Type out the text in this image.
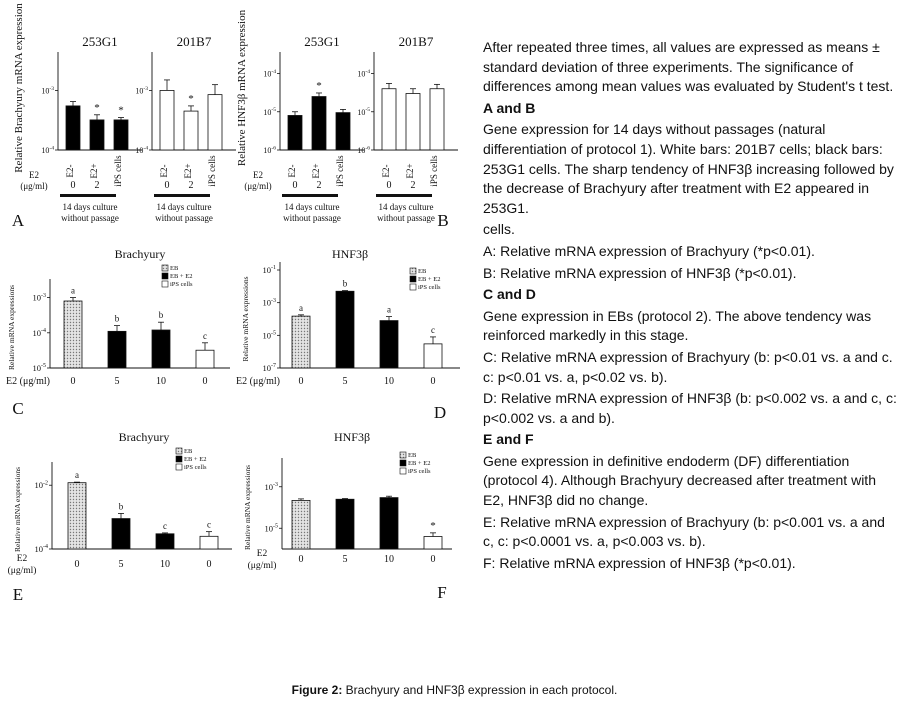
Relative Brachyury mRNA expression	253G1
$10^{-3}$
$10^{-4}$
E2-
*
E2+
*
iPS cells
0 2
14 days culture
without passage
201B7
$10^{-3}$
$10^{-4}$
E2-
*
E2+ iPS cells
0 2
14 days culture
without passage
E2
(μg/ml)
A
Relative HNF3β mRNA expression	253G1
$10^{-4}$
$10^{-5}$
$10^{-6}$
E2-
*
E2+ iPS cells
0 2
14 days culture
without passage
201B7
$10^{-4}$
$10^{-5}$
$10^{-6}$
E2- E2+ iPS cells
0 2
14 days culture
without passage
E2
(μg/ml)
B
Brachyury
Relative mRNA expressions $10^{-3}$
$10^{-4}$
$10^{-5}$
a
0
b
5
b
10
c
0
EB
EB + E2
iPS cells
E2 (μg/ml)
C
HNF3β
Relative mRNA expressions
$10^{-1}$
$10^{-3}$
$10^{-5}$
$10^{-7}$
a
0
b
5
a
10
c
0
EB
EB + E2
iPS cells
E2 (μg/ml)
D
Brachyury
Relative mRNA expressions $10^{-2}$
$10^{-4}$
a
0
b
5
c
10
c
0
EB
EB + E2
iPS cells
E2
(μg/ml)
E
HNF3β
Relative mRNA expressions $10^{-3}$
$10^{-5}$
0	5	10
*
0
EB
EB + E2
iPS cells
E2
(μg/ml)
F

After repeated three times, all values are expressed as means ± standard deviation of three experiments. The significance of differences among mean values was evaluated by Student's t test.

A and B

Gene expression for 14 days without passages (natural differentiation of protocol 1). White bars: 201B7 cells; black bars: 253G1 cells. The sharp tendency of HNF3β increasing followed by the decrease of Brachyury after treatment with E2 appeared in 253G1.

cells.

A: Relative mRNA expression of Brachyury (*p<0.01).

B: Relative mRNA expression of HNF3β (*p<0.01).

C and D

Gene expression in EBs (protocol 2). The above tendency was reinforced markedly in this stage.

C: Relative mRNA expression of Brachyury (b: p<0.01 vs. a and c. c: p<0.01 vs. a, p<0.02 vs. b).

D: Relative mRNA expression of HNF3β (b: p<0.002 vs. a and c, c: p<0.002 vs. a and b).

E and F

Gene expression in definitive endoderm (DF) differentiation (protocol 4). Although Brachyury decreased after treatment with E2, HNF3β did no change.

E: Relative mRNA expression of Brachyury (b: p<0.001 vs. a and c, c: p<0.0001 vs. a, p<0.003 vs. b).

F: Relative mRNA expression of HNF3β (*p<0.01).

Figure 2: Brachyury and HNF3β expression in each protocol.
